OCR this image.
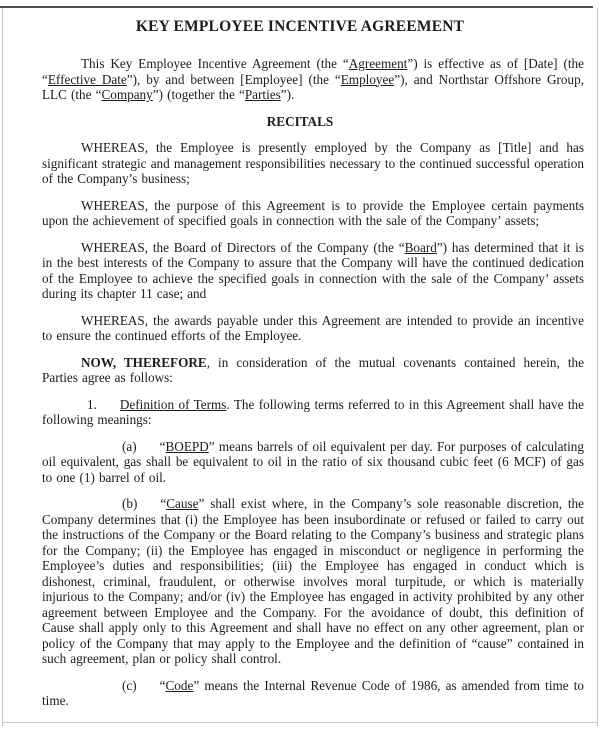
KEY EMPLOYEE INCENTIVE AGREEMENT

This Key Employee Incentive Agreement (the “Agreement”) is effective as of [Date] (the “Effective Date”), by and between [Employee] (the “Employee”), and Northstar Offshore Group, LLC (the “Company”) (together the “Parties”).

RECITALS

WHEREAS, the Employee is presently employed by the Company as [Title] and has significant strategic and management responsibilities necessary to the continued successful operation of the Company’s business;

WHEREAS, the purpose of this Agreement is to provide the Employee certain payments upon the achievement of specified goals in connection with the sale of the Company’ assets;

WHEREAS, the Board of Directors of the Company (the “Board”) has determined that it is in the best interests of the Company to assure that the Company will have the continued dedication of the Employee to achieve the specified goals in connection with the sale of the Company’ assets during its chapter 11 case; and

WHEREAS, the awards payable under this Agreement are intended to provide an incentive to ensure the continued efforts of the Employee.

NOW, THEREFORE, in consideration of the mutual covenants contained herein, the Parties agree as follows:

1. Definition of Terms. The following terms referred to in this Agreement shall have the following meanings:

(a) “BOEPD” means barrels of oil equivalent per day. For purposes of calculating oil equivalent, gas shall be equivalent to oil in the ratio of six thousand cubic feet (6 MCF) of gas to one (1) barrel of oil.

(b) “Cause” shall exist where, in the Company’s sole reasonable discretion, the Company determines that (i) the Employee has been insubordinate or refused or failed to carry out the instructions of the Company or the Board relating to the Company’s business and strategic plans for the Company; (ii) the Employee has engaged in misconduct or negligence in performing the Employee’s duties and responsibilities; (iii) the Employee has engaged in conduct which is dishonest, criminal, fraudulent, or otherwise involves moral turpitude, or which is materially injurious to the Company; and/or (iv) the Employee has engaged in activity prohibited by any other agreement between Employee and the Company. For the avoidance of doubt, this definition of Cause shall apply only to this Agreement and shall have no effect on any other agreement, plan or policy of the Company that may apply to the Employee and the definition of “cause” contained in such agreement, plan or policy shall control.

(c) “Code” means the Internal Revenue Code of 1986, as amended from time to time.
